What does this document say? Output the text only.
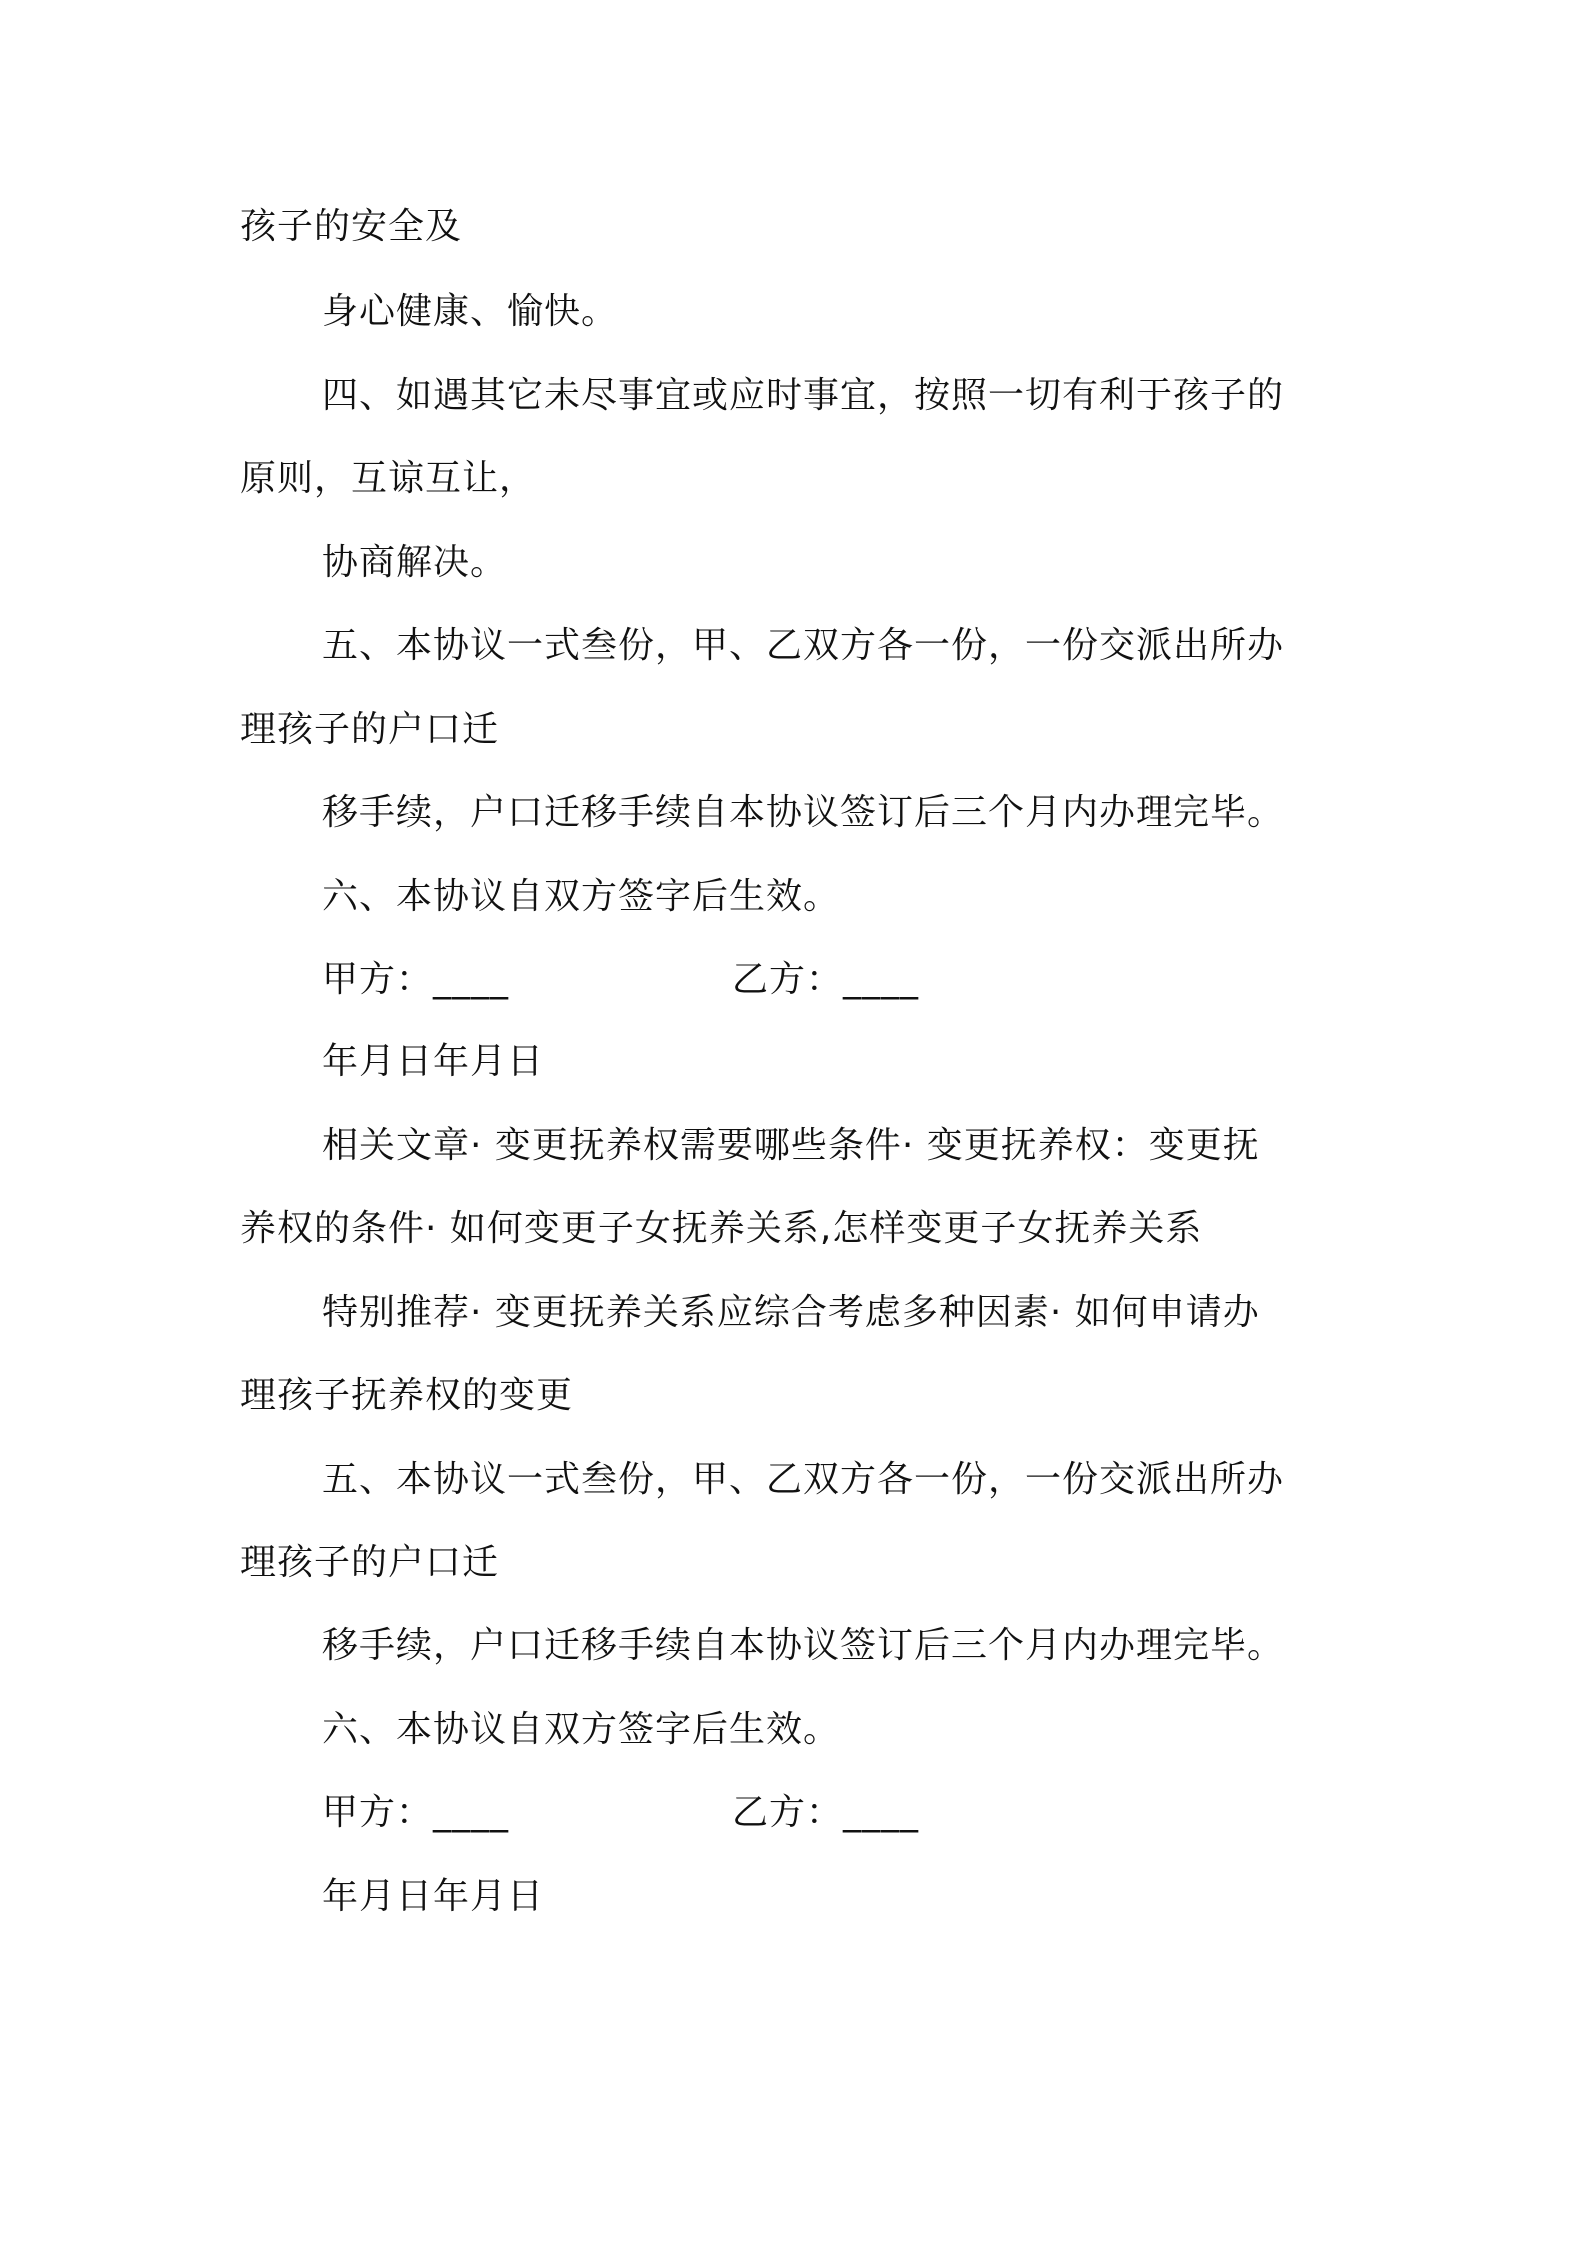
孩子的安全及
身心健康、愉快。
四、如遇其它未尽事宜或应时事宜，按照一切有利于孩子的
原则，互谅互让，
协商解决。
五、本协议一式叁份，甲、乙双方各一份，一份交派出所办
理孩子的户口迁
移手续，户口迁移手续自本协议签订后三个月内办理完毕。
六、本协议自双方签字后生效。
甲方：____	乙方：____
年月日年月日
相关文章· 变更抚养权需要哪些条件· 变更抚养权：变更抚
养权的条件· 如何变更子女抚养关系,怎样变更子女抚养关系
特别推荐· 变更抚养关系应综合考虑多种因素· 如何申请办
理孩子抚养权的变更
五、本协议一式叁份，甲、乙双方各一份，一份交派出所办
理孩子的户口迁
移手续，户口迁移手续自本协议签订后三个月内办理完毕。
六、本协议自双方签字后生效。
甲方：____	乙方：____
年月日年月日
